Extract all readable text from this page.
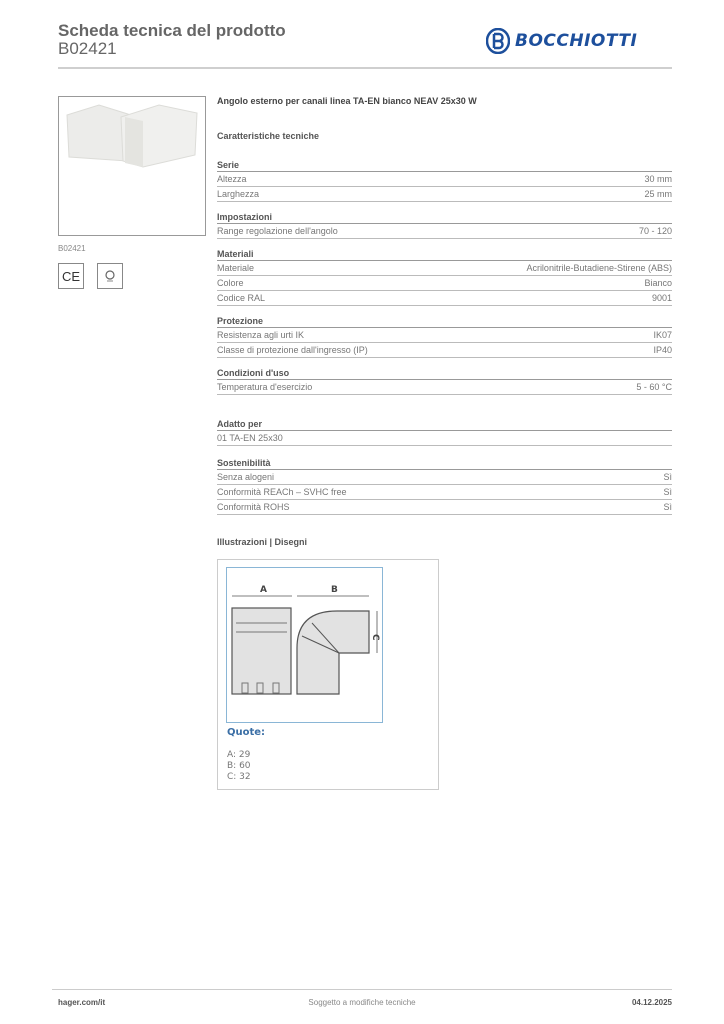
Scheda tecnica del prodotto
B02421	BOCCHIOTTI
B02421
CE
Angolo esterno per canali linea TA-EN bianco NEAV 25x30 W
Caratteristiche tecniche
Serie
Altezza	30 mm
Larghezza	25 mm
Impostazioni
Range regolazione dell'angolo	70 - 120
Materiali
Materiale	Acrilonitrile-Butadiene-Stirene (ABS)
Colore	Bianco
Codice RAL	9001
Protezione
Resistenza agli urti IK	IK07
Classe di protezione dall'ingresso (IP)	IP40
Condizioni d'uso
Temperatura d'esercizio	5 - 60 °C
Adatto per
01 TA-EN 25x30
Sostenibilità
Senza alogeni	Sì
Conformità REACh – SVHC free	Sì
Conformità ROHS	Sì
Illustrazioni | Disegni
A	B
C
Quote:
A: 29
B: 60
C: 32
hager.com/it	Soggetto a modifiche tecniche	04.12.2025
